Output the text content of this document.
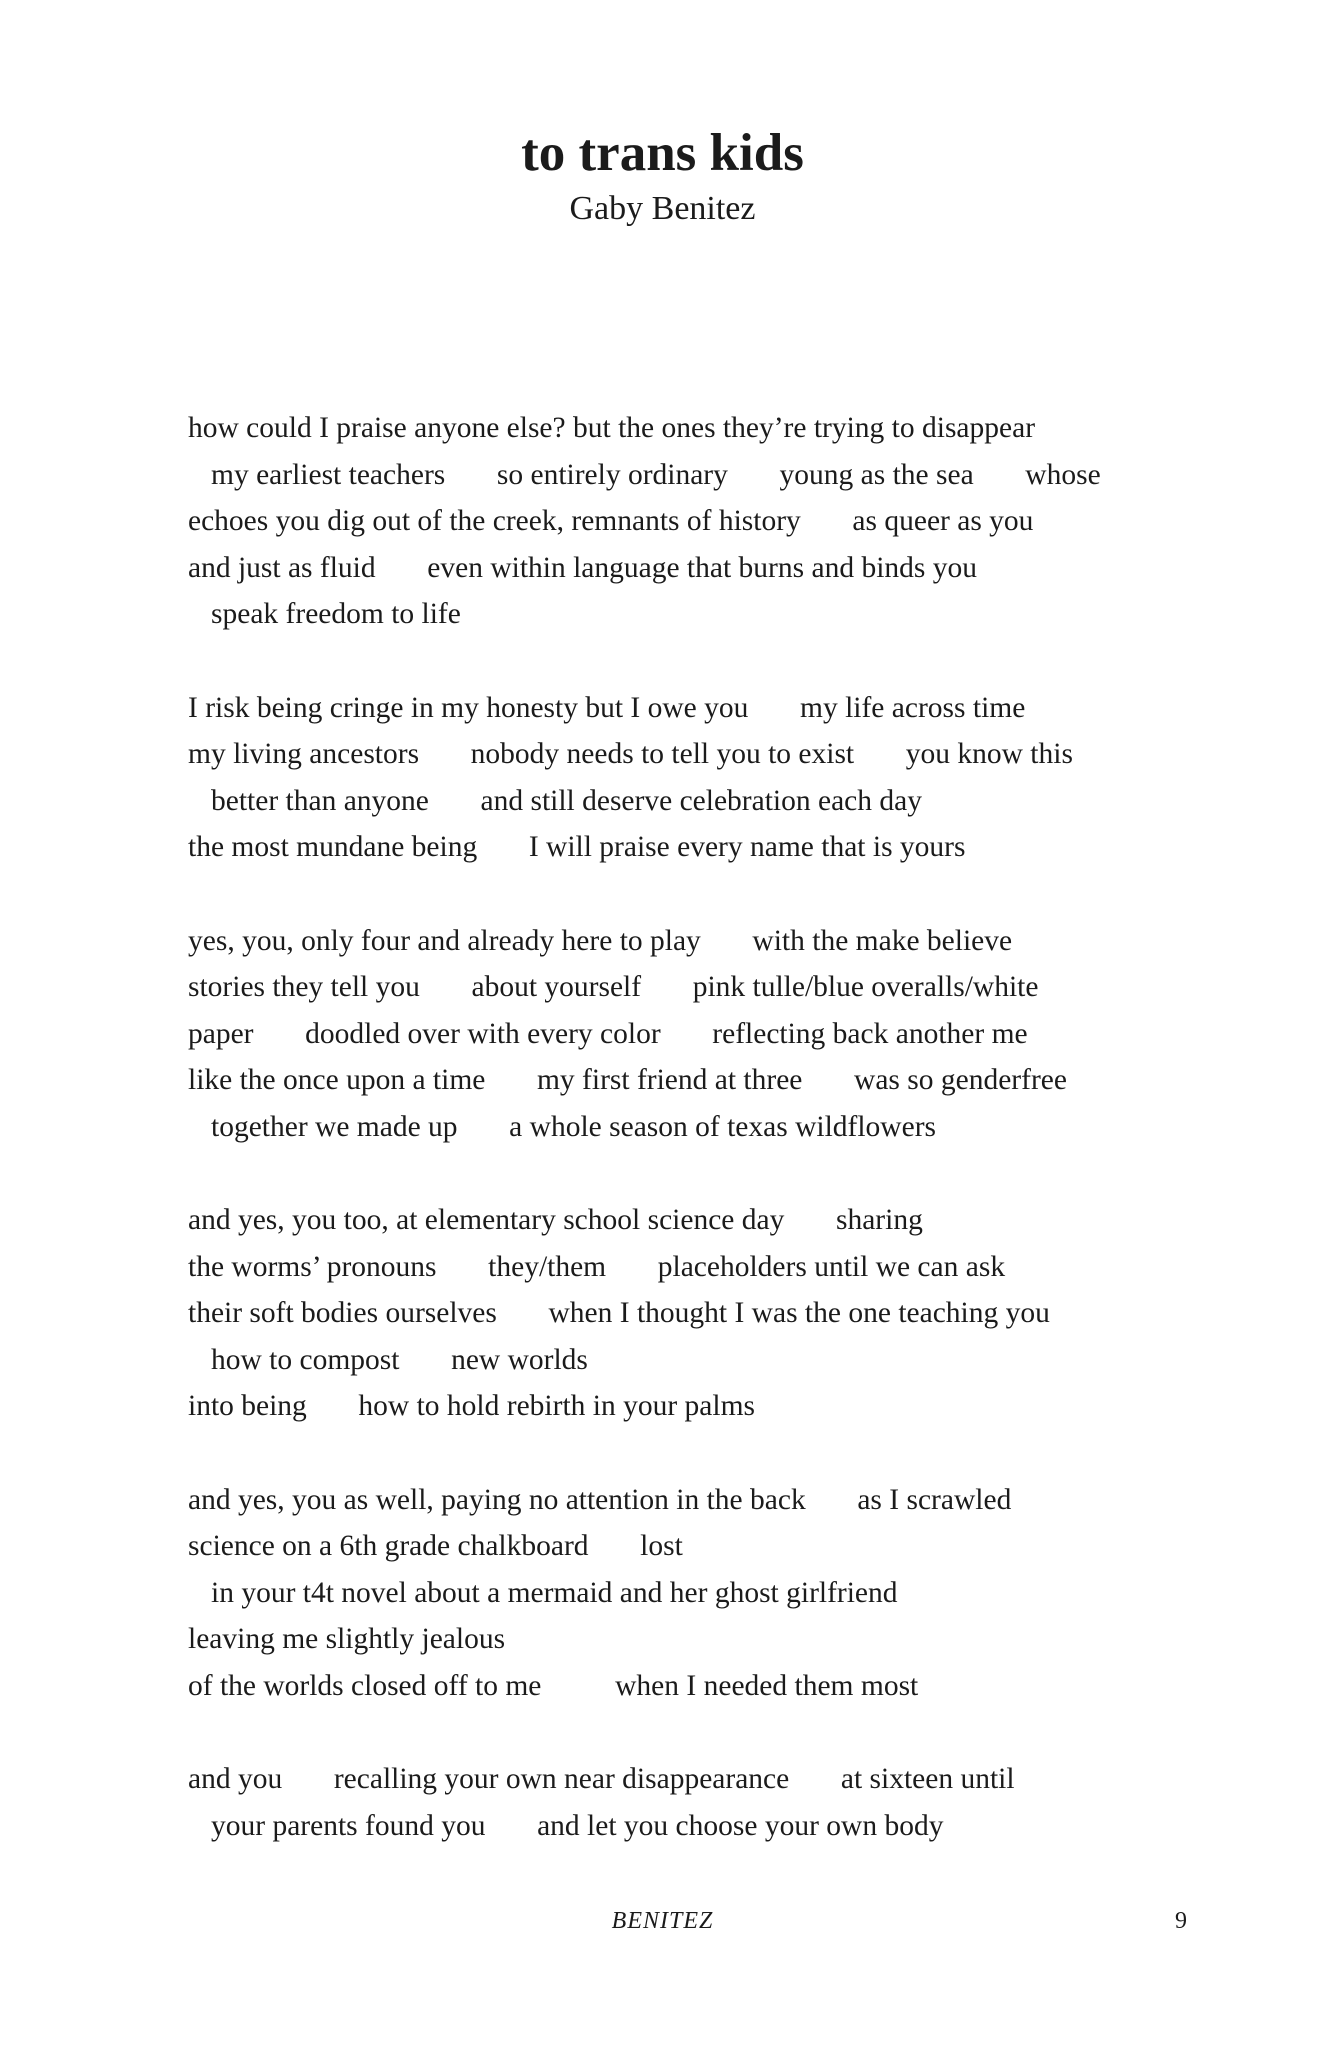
to trans kids
Gaby Benitez
how could I praise anyone else? but the ones they’re trying to disappear
my earliest teachers       so entirely ordinary       young as the sea       whose
echoes you dig out of the creek, remnants of history       as queer as you
and just as fluid       even within language that burns and binds you
speak freedom to life
I risk being cringe in my honesty but I owe you       my life across time
my living ancestors       nobody needs to tell you to exist       you know this
better than anyone       and still deserve celebration each day
the most mundane being       I will praise every name that is yours
yes, you, only four and already here to play       with the make believe
stories they tell you       about yourself       pink tulle/blue overalls/white
paper       doodled over with every color       reflecting back another me
like the once upon a time       my first friend at three       was so genderfree
together we made up       a whole season of texas wildflowers
and yes, you too, at elementary school science day       sharing
the worms’ pronouns       they/them       placeholders until we can ask
their soft bodies ourselves       when I thought I was the one teaching you
how to compost       new worlds
into being       how to hold rebirth in your palms
and yes, you as well, paying no attention in the back       as I scrawled
science on a 6th grade chalkboard       lost
in your t4t novel about a mermaid and her ghost girlfriend
leaving me slightly jealous
of the worlds closed off to me          when I needed them most
and you       recalling your own near disappearance       at sixteen until
your parents found you       and let you choose your own body
BENITEZ	9
